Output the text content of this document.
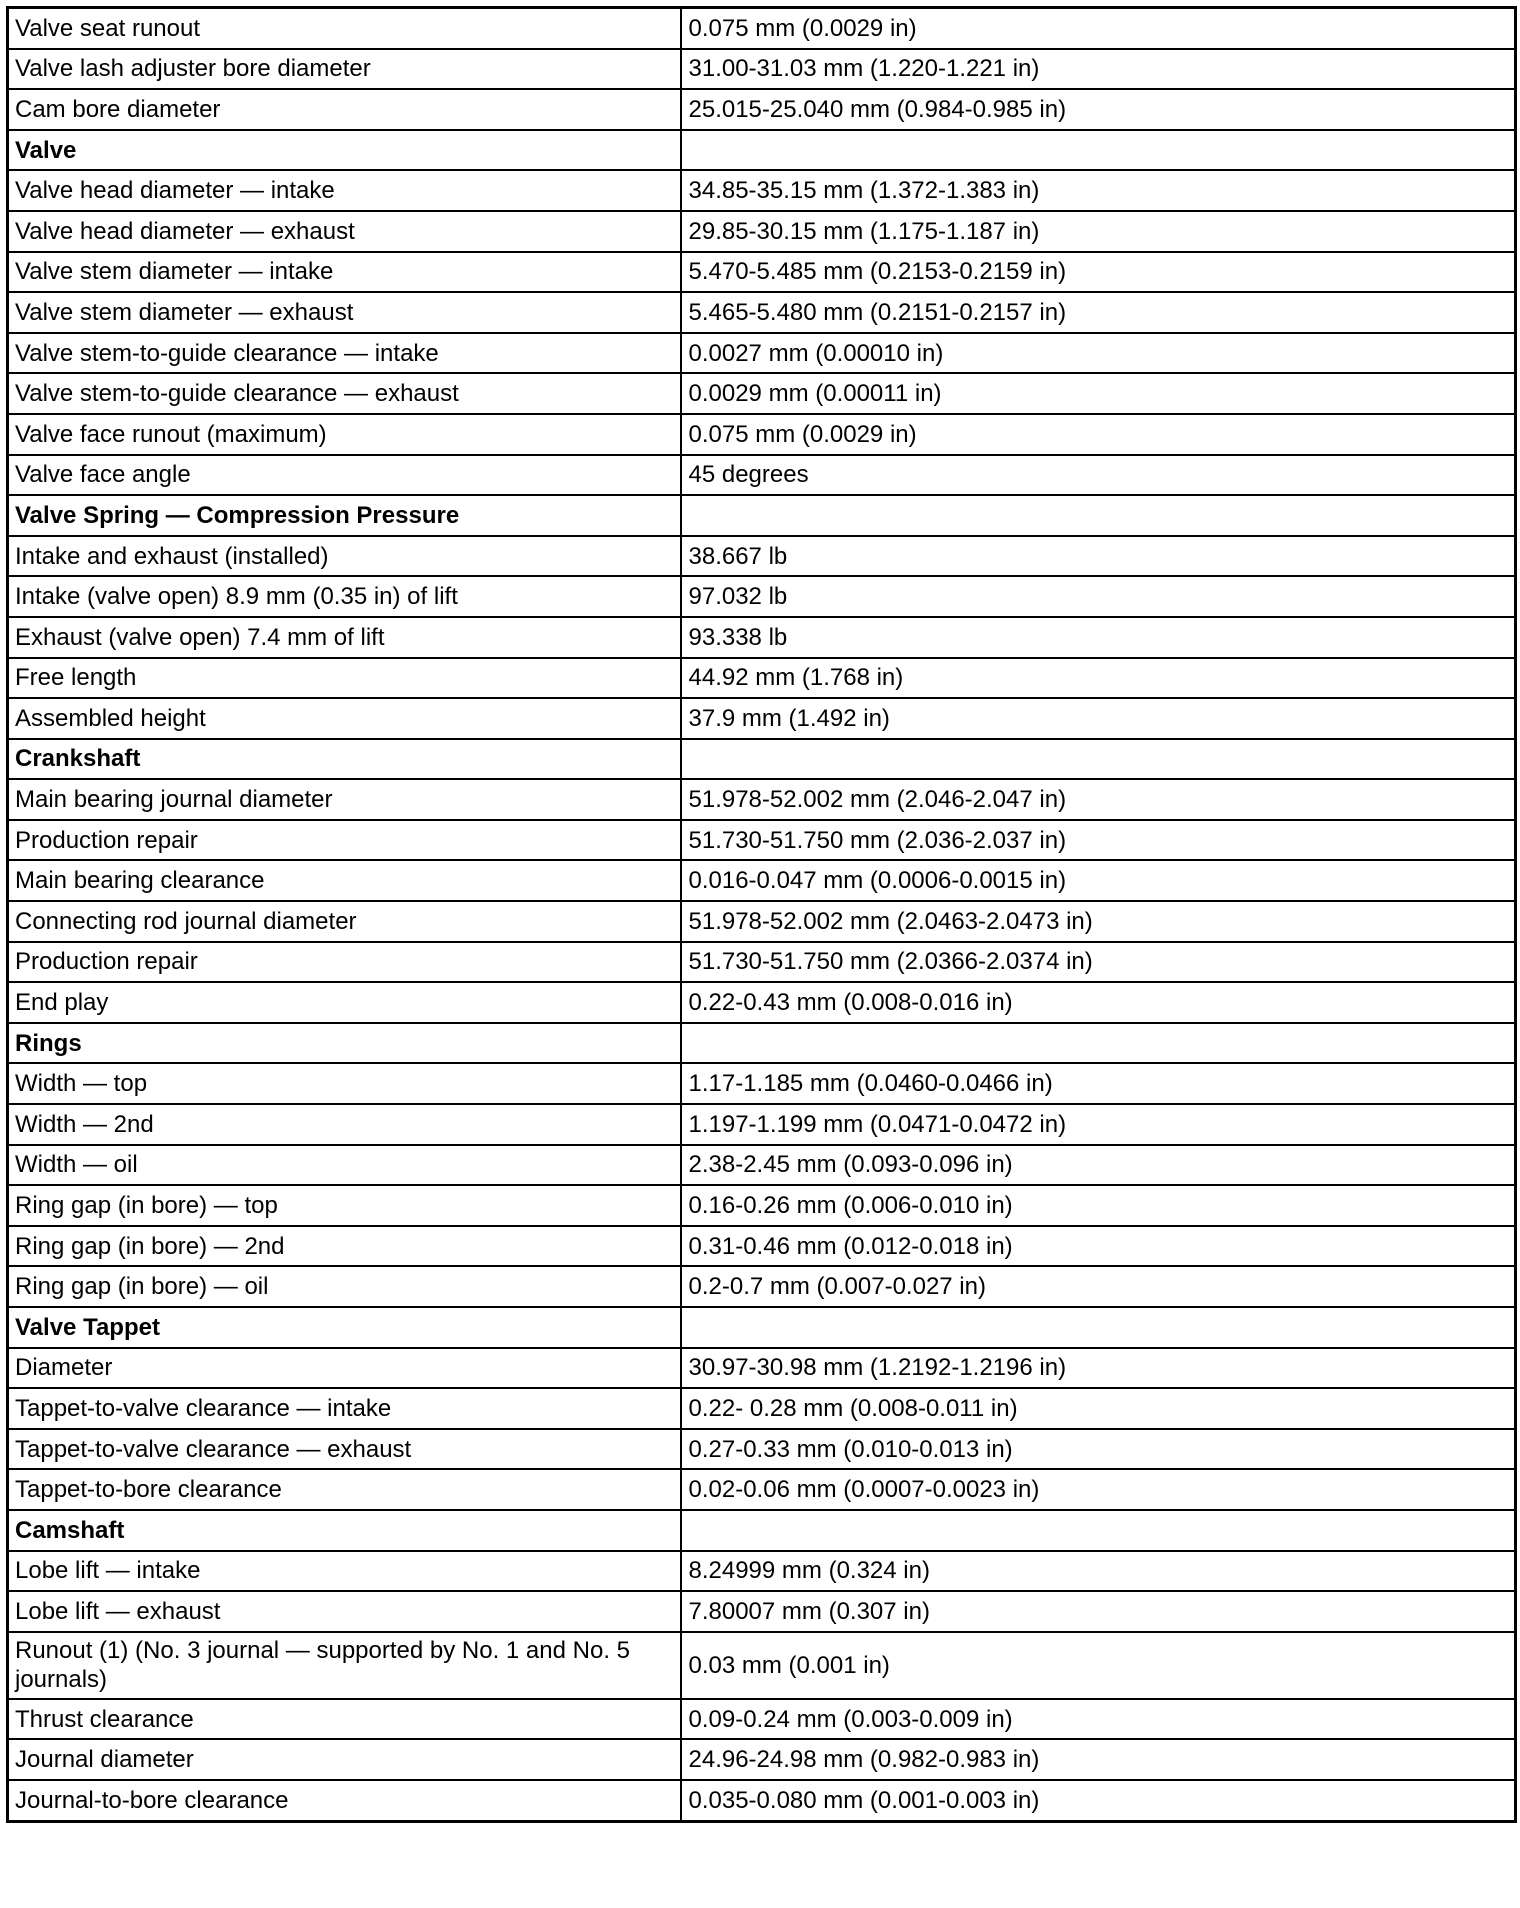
Valve seat runout	0.075 mm (0.0029 in)
Valve lash adjuster bore diameter	31.00-31.03 mm (1.220-1.221 in)
Cam bore diameter	25.015-25.040 mm (0.984-0.985 in)
Valve	
Valve head diameter — intake	34.85-35.15 mm (1.372-1.383 in)
Valve head diameter — exhaust	29.85-30.15 mm (1.175-1.187 in)
Valve stem diameter — intake	5.470-5.485 mm (0.2153-0.2159 in)
Valve stem diameter — exhaust	5.465-5.480 mm (0.2151-0.2157 in)
Valve stem-to-guide clearance — intake	0.0027 mm (0.00010 in)
Valve stem-to-guide clearance — exhaust	0.0029 mm (0.00011 in)
Valve face runout (maximum)	0.075 mm (0.0029 in)
Valve face angle	45 degrees
Valve Spring — Compression Pressure	
Intake and exhaust (installed)	38.667 lb
Intake (valve open) 8.9 mm (0.35 in) of lift	97.032 lb
Exhaust (valve open) 7.4 mm of lift	93.338 lb
Free length	44.92 mm (1.768 in)
Assembled height	37.9 mm (1.492 in)
Crankshaft	
Main bearing journal diameter	51.978-52.002 mm (2.046-2.047 in)
Production repair	51.730-51.750 mm (2.036-2.037 in)
Main bearing clearance	0.016-0.047 mm (0.0006-0.0015 in)
Connecting rod journal diameter	51.978-52.002 mm (2.0463-2.0473 in)
Production repair	51.730-51.750 mm (2.0366-2.0374 in)
End play	0.22-0.43 mm (0.008-0.016 in)
Rings	
Width — top	1.17-1.185 mm (0.0460-0.0466 in)
Width — 2nd	1.197-1.199 mm (0.0471-0.0472 in)
Width — oil	2.38-2.45 mm (0.093-0.096 in)
Ring gap (in bore) — top	0.16-0.26 mm (0.006-0.010 in)
Ring gap (in bore) — 2nd	0.31-0.46 mm (0.012-0.018 in)
Ring gap (in bore) — oil	0.2-0.7 mm (0.007-0.027 in)
Valve Tappet	
Diameter	30.97-30.98 mm (1.2192-1.2196 in)
Tappet-to-valve clearance — intake	0.22- 0.28 mm (0.008-0.011 in)
Tappet-to-valve clearance — exhaust	0.27-0.33 mm (0.010-0.013 in)
Tappet-to-bore clearance	0.02-0.06 mm (0.0007-0.0023 in)
Camshaft	
Lobe lift — intake	8.24999 mm (0.324 in)
Lobe lift — exhaust	7.80007 mm (0.307 in)
Runout (1) (No. 3 journal — supported by No. 1 and No. 5 journals)	0.03 mm (0.001 in)
Thrust clearance	0.09-0.24 mm (0.003-0.009 in)
Journal diameter	24.96-24.98 mm (0.982-0.983 in)
Journal-to-bore clearance	0.035-0.080 mm (0.001-0.003 in)
